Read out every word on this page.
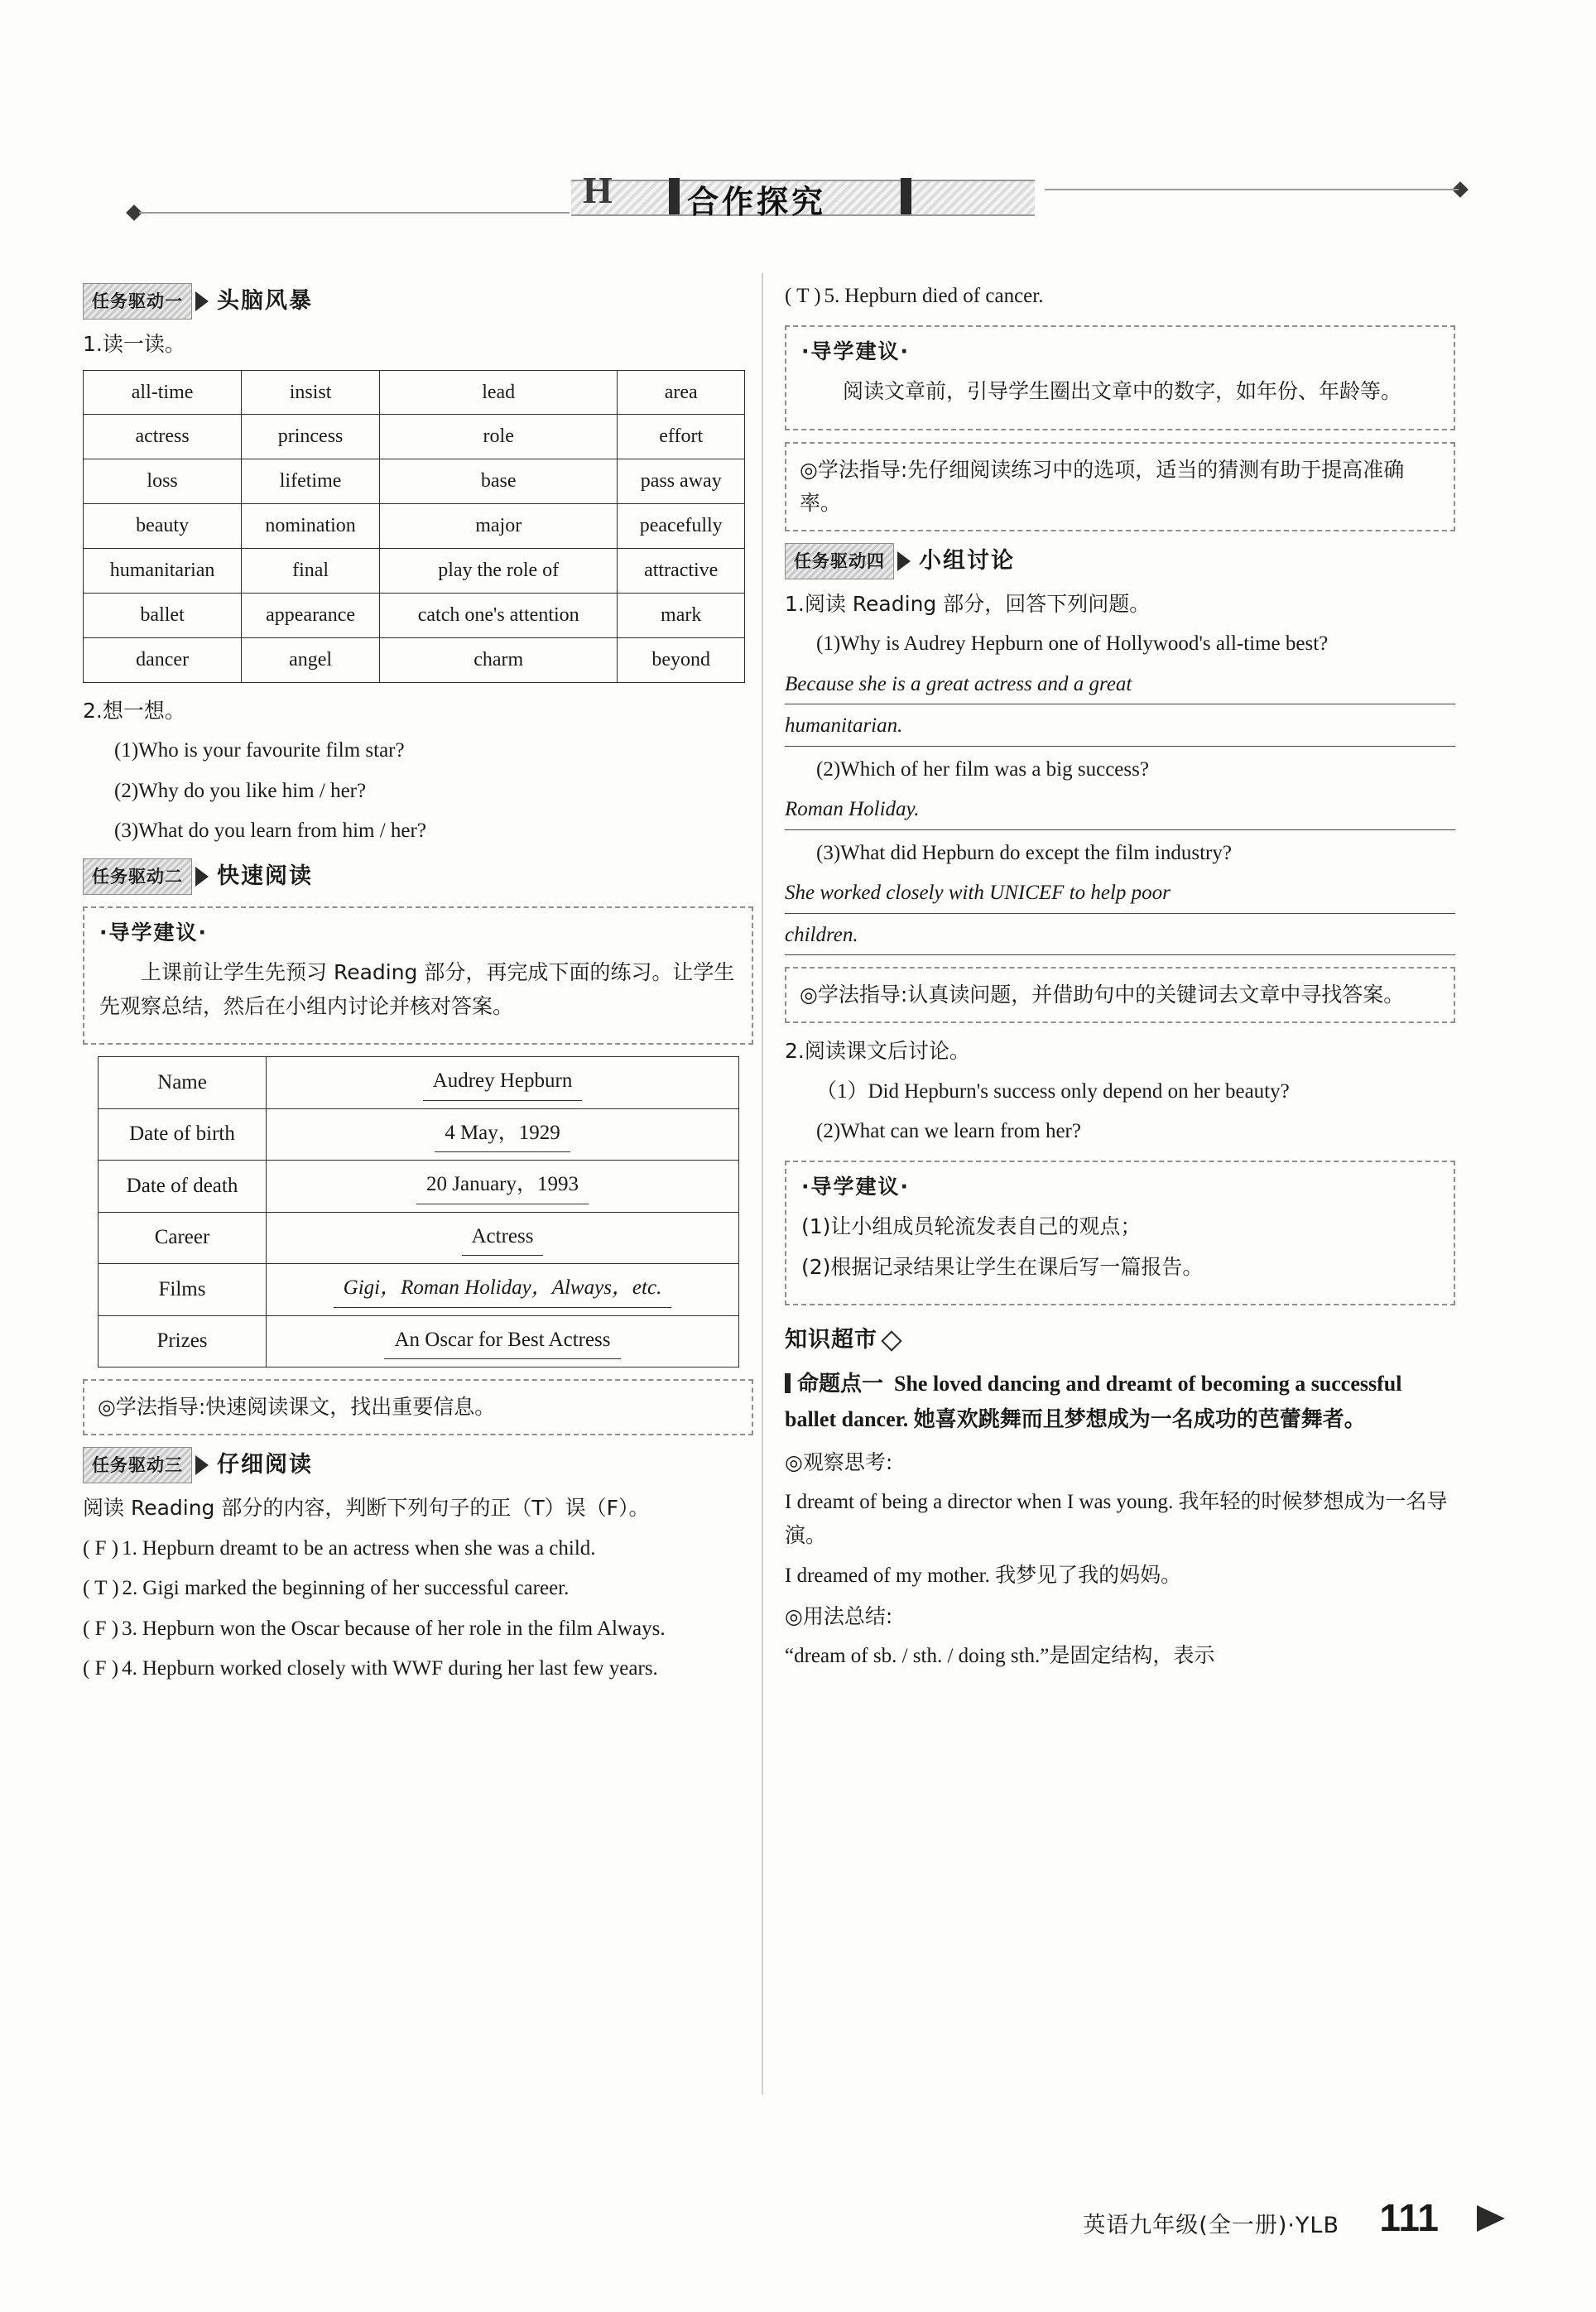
H 合作探究
任务驱动一	头脑风暴

1.读一读。

all-time	insist	lead	area
actress	princess	role	effort
loss	lifetime	base	pass away
beauty	nomination	major	peacefully
humanitarian	final	play the role of	attractive
ballet	appearance	catch one's attention	mark
dancer	angel	charm	beyond

2.想一想。

(1)Who is your favourite film star?

(2)Why do you like him / her?

(3)What do you learn from him / her?

任务驱动二	快速阅读
·导学建议·

上课前让学生先预习 Reading 部分，再完成下面的练习。让学生先观察总结，然后在小组内讨论并核对答案。

Name	Audrey Hepburn
Date of birth	4 May，1929
Date of death	20 January，1993
Career	Actress
Films	Gigi，Roman Holiday，Always，etc.
Prizes	An Oscar for Best Actress
◎学法指导:快速阅读课文，找出重要信息。
任务驱动三	仔细阅读

阅读 Reading 部分的内容，判断下列句子的正（T）误（F）。

( F ) 1. Hepburn dreamt to be an actress when she was a child.

( T ) 2. Gigi marked the beginning of her successful career.

( F ) 3. Hepburn won the Oscar because of her role in the film Always.

( F ) 4. Hepburn worked closely with WWF during her last few years.

( T ) 5. Hepburn died of cancer.

·导学建议·

阅读文章前，引导学生圈出文章中的数字，如年份、年龄等。

◎学法指导:先仔细阅读练习中的选项，适当的猜测有助于提高准确率。
任务驱动四	小组讨论

1.阅读 Reading 部分，回答下列问题。

(1)Why is Audrey Hepburn one of Hollywood's all-time best?

Because she is a great actress and a great
humanitarian.

(2)Which of her film was a big success?

Roman Holiday.

(3)What did Hepburn do except the film industry?

She worked closely with UNICEF to help poor
children.
◎学法指导:认真读问题，并借助句中的关键词去文章中寻找答案。

2.阅读课文后讨论。

（1）Did Hepburn's success only depend on her beauty?

(2)What can we learn from her?

·导学建议·

(1)让小组成员轮流发表自己的观点；

(2)根据记录结果让学生在课后写一篇报告。

知识超市
命题点一 She loved dancing and dreamt of becoming a successful ballet dancer. 她喜欢跳舞而且梦想成为一名成功的芭蕾舞者。

◎观察思考:

I dreamt of being a director when I was young. 我年轻的时候梦想成为一名导演。

I dreamed of my mother. 我梦见了我的妈妈。

◎用法总结:

“dream of sb. / sth. / doing sth.”是固定结构，表示

英语九年级(全一册)·YLB 111
